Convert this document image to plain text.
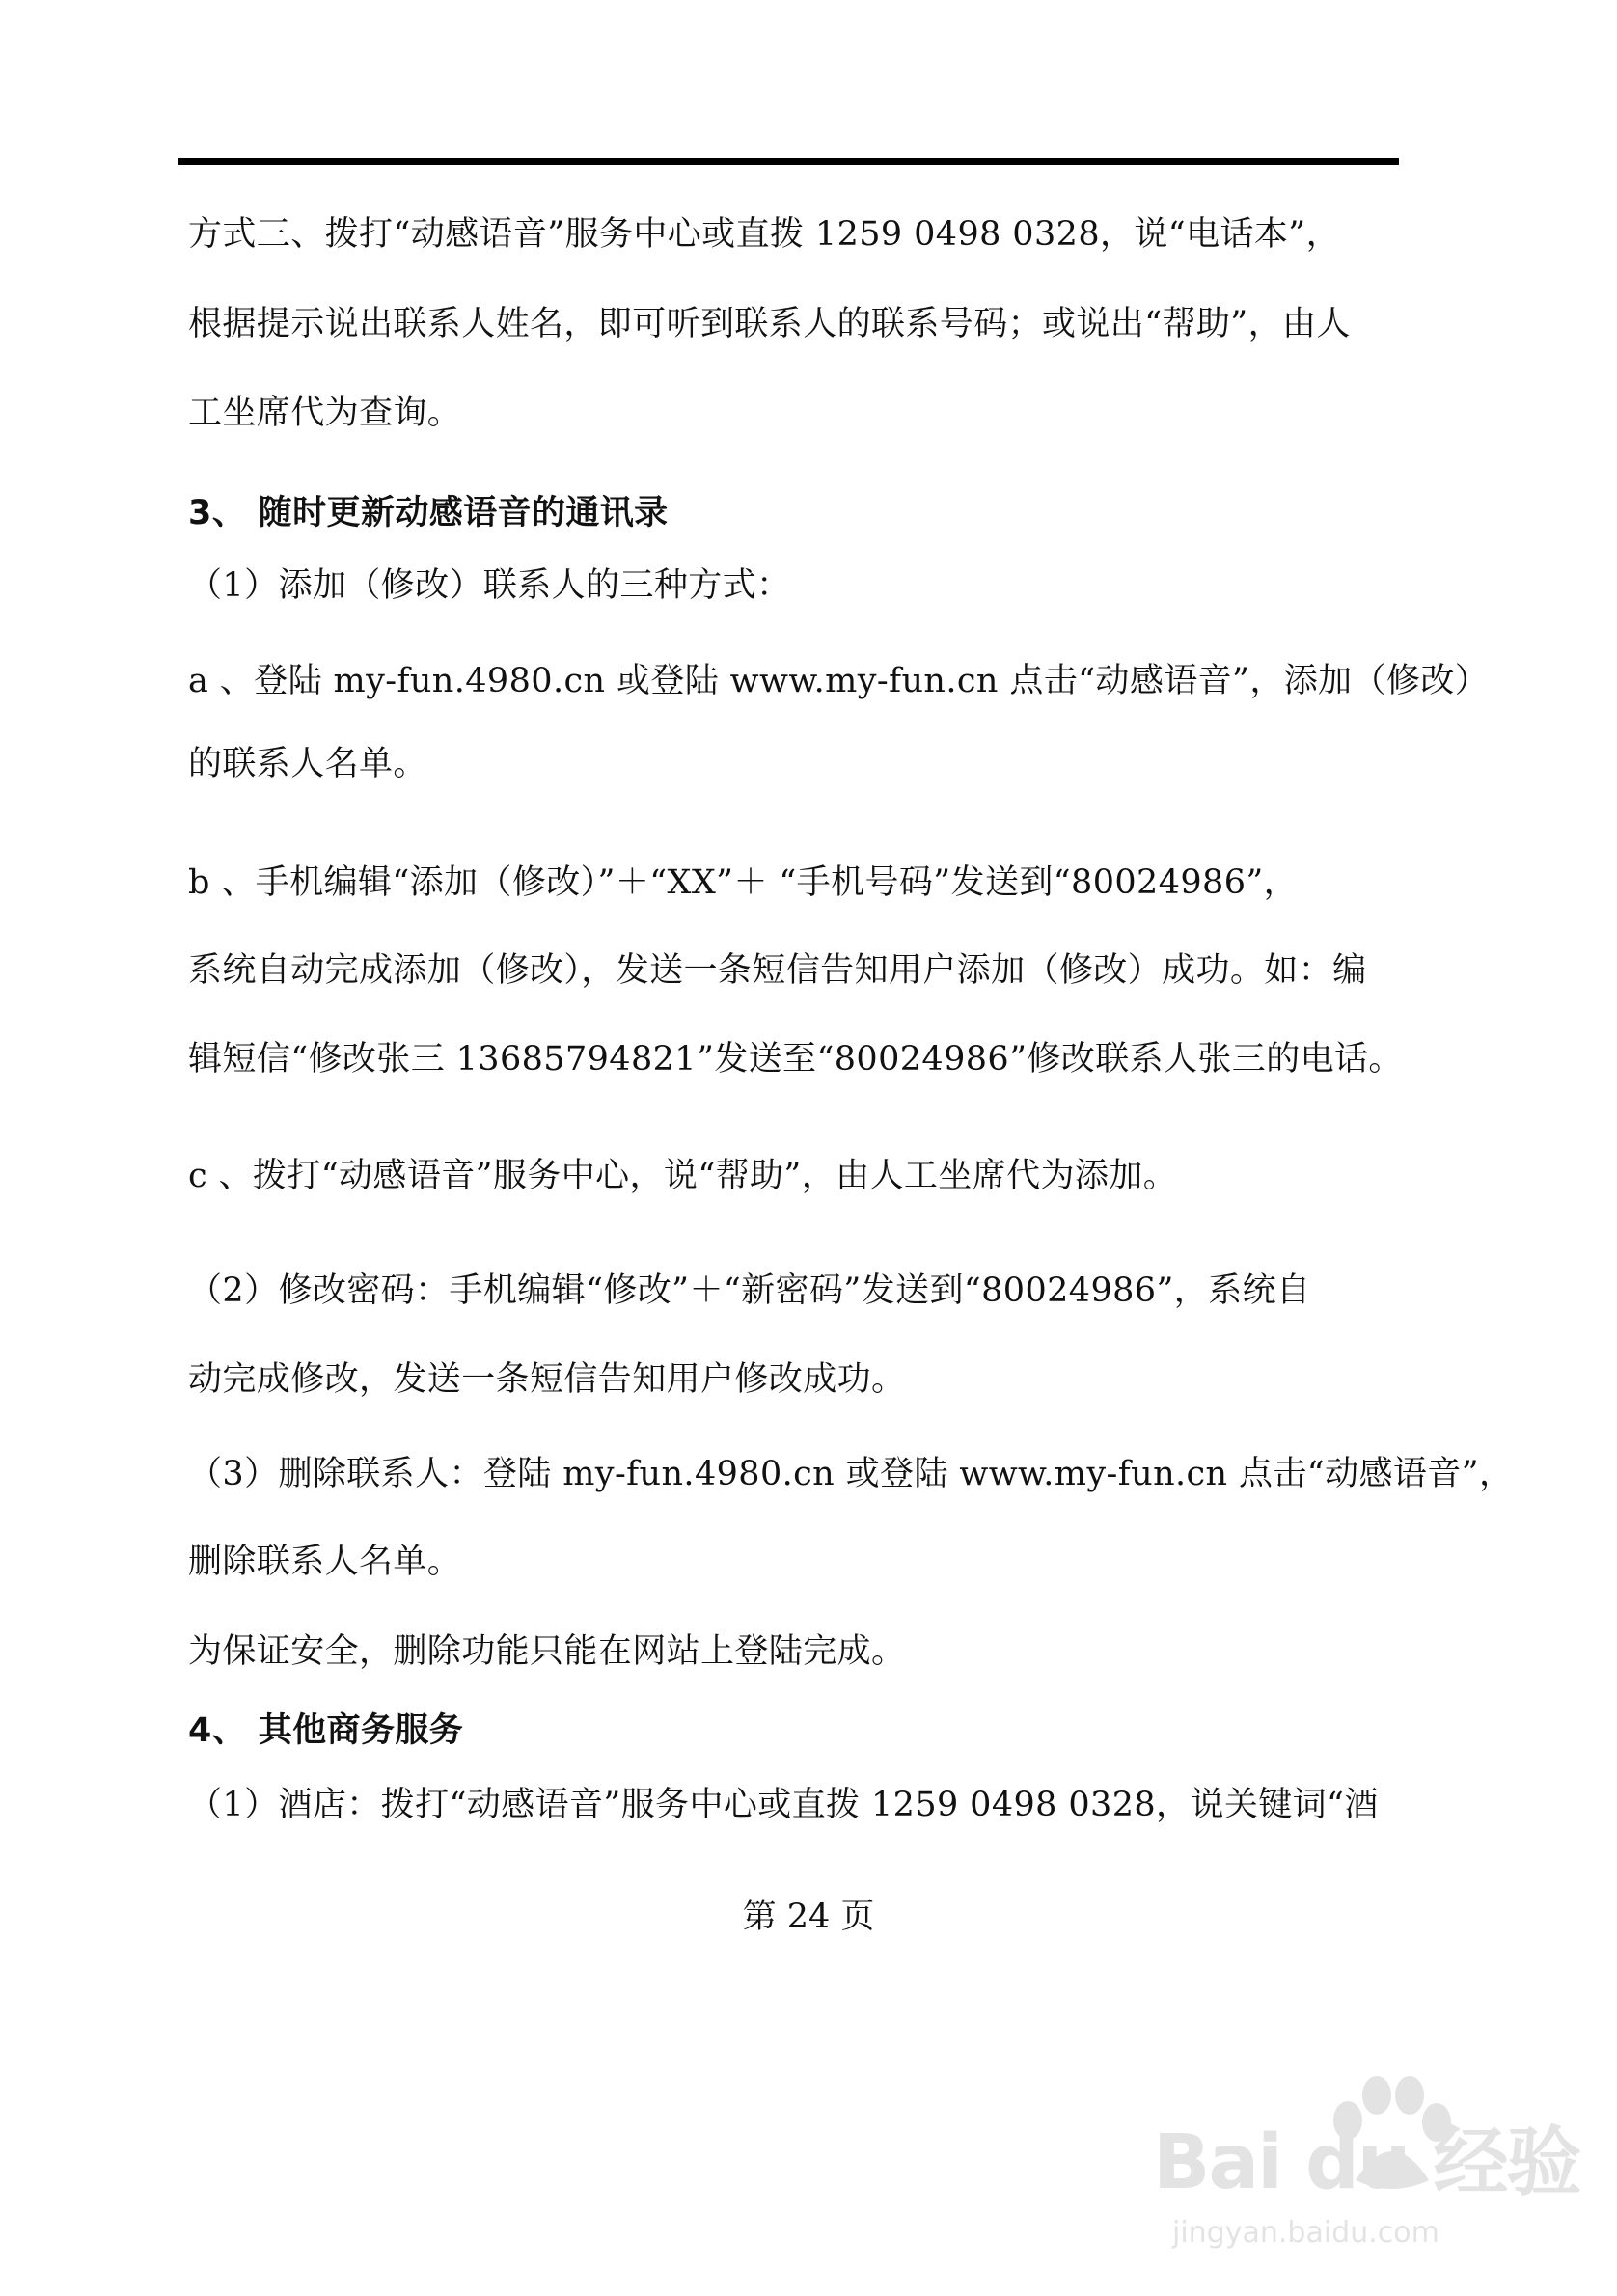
方式三、拨打“动感语音”服务中心或直拨 1259 0498 0328，说“电话本”，
根据提示说出联系人姓名，即可听到联系人的联系号码；或说出“帮助”，由人
工坐席代为查询。
3、 随时更新动感语音的通讯录
（1）添加（修改）联系人的三种方式：
a 、登陆 my-fun.4980.cn 或登陆 www.my-fun.cn 点击“动感语音”，添加（修改）
的联系人名单。
b 、手机编辑“添加（修改）”＋“XX”＋ “手机号码”发送到“80024986”，
系统自动完成添加（修改），发送一条短信告知用户添加（修改）成功。如：编
辑短信“修改张三 13685794821”发送至“80024986”修改联系人张三的电话。
c 、拨打“动感语音”服务中心，说“帮助”，由人工坐席代为添加。
（2）修改密码：手机编辑“修改”＋“新密码”发送到“80024986”，系统自
动完成修改，发送一条短信告知用户修改成功。
（3）删除联系人：登陆 my-fun.4980.cn 或登陆 www.my-fun.cn 点击“动感语音”，
删除联系人名单。
为保证安全，删除功能只能在网站上登陆完成。
4、 其他商务服务
（1）酒店：拨打“动感语音”服务中心或直拨 1259 0498 0328，说关键词“酒
第 24 页
Bai du 经验
jingyan.baidu.com
